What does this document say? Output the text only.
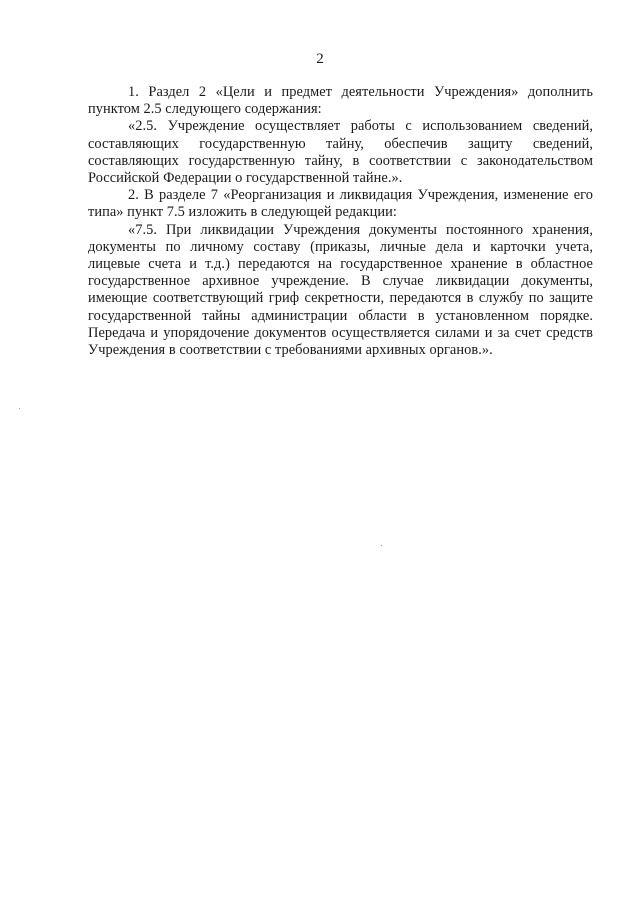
2

1. Раздел 2 «Цели и предмет деятельности Учреждения» дополнить пунктом 2.5 следующего содержания:

«2.5. Учреждение осуществляет работы с использованием сведений, составляющих государственную тайну, обеспечив защиту сведений, составляющих государственную тайну, в соответствии с законодательством Российской Федерации о государственной тайне.».

2. В разделе 7 «Реорганизация и ликвидация Учреждения, изменение его типа» пункт 7.5 изложить в следующей редакции:

«7.5. При ликвидации Учреждения документы постоянного хранения, документы по личному составу (приказы, личные дела и карточки учета, лицевые счета и т.д.) передаются на государственное хранение в областное государственное архивное учреждение. В случае ликвидации документы, имеющие соответствующий гриф секретности, передаются в службу по защите государственной тайны администрации области в установленном порядке. Передача и упорядочение документов осуществляется силами и за счет средств Учреждения в соответствии с требованиями архивных органов.».
